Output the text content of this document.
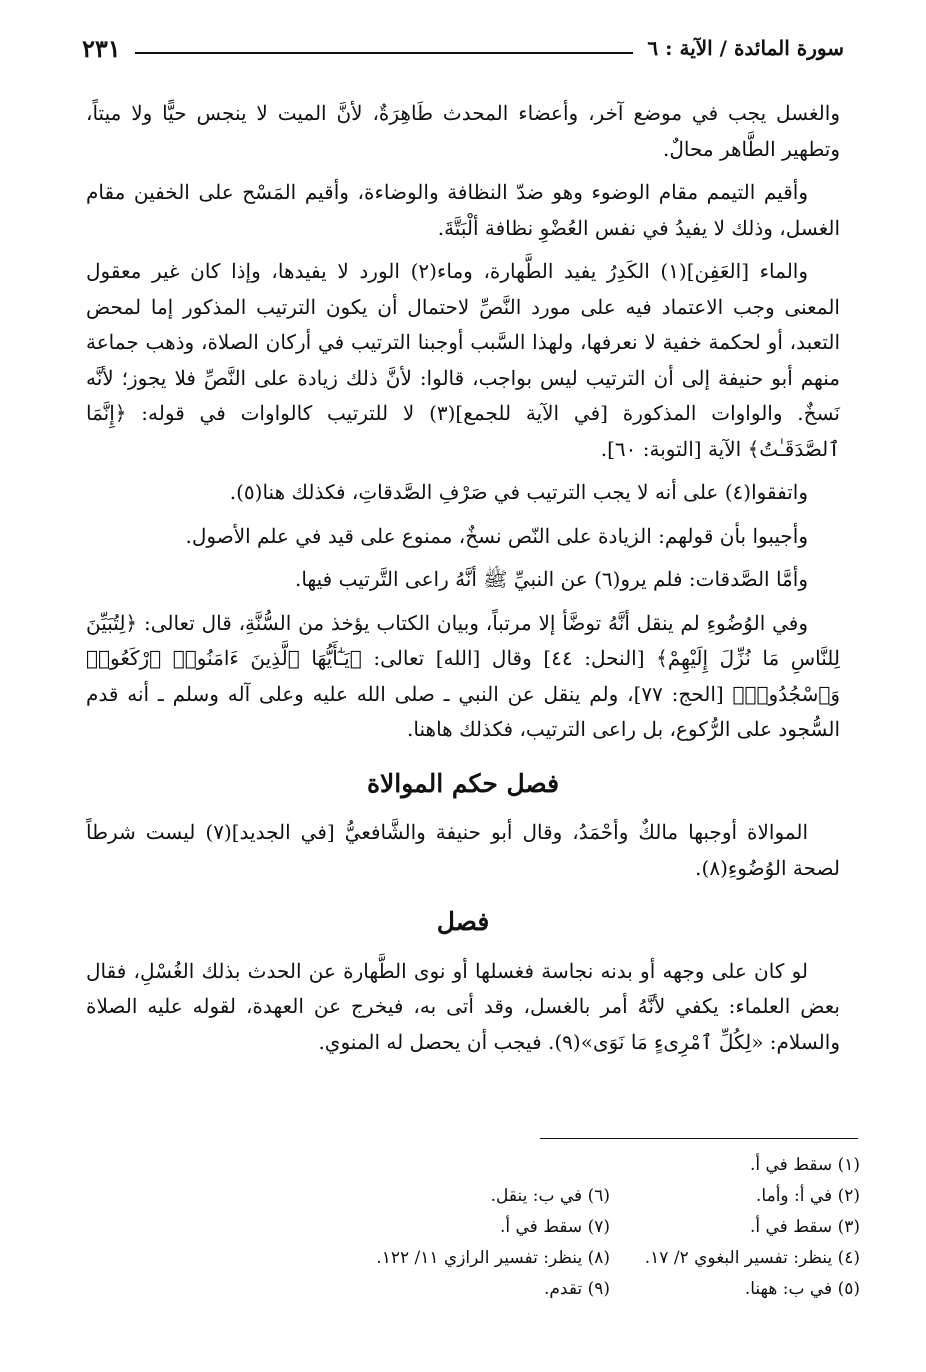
سورة المائدة / الآية : ٦
٢٣١

والغسل يجب في موضع آخر، وأعضاء المحدث طَاهِرَةٌ، لأنَّ الميت لا ينجس حيًّا ولا ميتاً، وتطهير الطَّاهر محالٌ.

وأقيم التيمم مقام الوضوء وهو ضدّ النظافة والوضاءة، وأقيم المَسْح على الخفين مقام الغسل، وذلك لا يفيدُ في نفس العُضْوِ نظافة ألْبَتَّةَ.

والماء [العَفِن](١) الكَدِرُ يفيد الطَّهارة، وماء(٢) الورد لا يفيدها، وإذا كان غير معقول المعنى وجب الاعتماد فيه على مورد النَّصِّ لاحتمال أن يكون الترتيب المذكور إما لمحض التعبد، أو لحكمة خفية لا نعرفها، ولهذا السَّبب أوجبنا الترتيب في أركان الصلاة، وذهب جماعة منهم أبو حنيفة إلى أن الترتيب ليس بواجب، قالوا: لأنَّ ذلك زيادة على النَّصِّ فلا يجوز؛ لأنَّه نَسخٌ. والواوات المذكورة [في الآية للجمع](٣) لا للترتيب كالواوات في قوله: ﴿إِنَّمَا ٱلصَّدَقَـٰتُ﴾ الآية [التوبة: ٦٠].

واتفقوا(٤) على أنه لا يجب الترتيب في صَرْفِ الصَّدقاتِ، فكذلك هنا(٥).

وأجيبوا بأن قولهم: الزيادة على النّص نسخٌ، ممنوع على قيد في علم الأصول.

وأمَّا الصَّدقات: فلم يرو(٦) عن النبيِّ ﷺ أنَّهُ راعى التَّرتيب فيها.

وفي الوُضُوءِ لم ينقل أنَّهُ توضَّأ إلا مرتباً، وبيان الكتاب يؤخذ من السُّنَّةِ، قال تعالى: ﴿لِتُبَيِّنَ لِلنَّاسِ مَا نُزِّلَ إِلَيْهِمْ﴾ [النحل: ٤٤] وقال [الله] تعالى: ﴿يَـٰٓأَيُّهَا ٱلَّذِينَ ءَامَنُوا۟ ٱرْكَعُوا۟ وَٱسْجُدُوا۟﴾ [الحج: ٧٧]، ولم ينقل عن النبي ـ صلى الله عليه وعلى آله وسلم ـ أنه قدم السُّجود على الرُّكوع، بل راعى الترتيب، فكذلك هاهنا.

فصل حكم الموالاة

الموالاة أوجبها مالكٌ وأحْمَدُ، وقال أبو حنيفة والشَّافعيُّ [في الجديد](٧) ليست شرطاً لصحة الوُضُوءِ(٨).

فصل

لو كان على وجهه أو بدنه نجاسة فغسلها أو نوى الطَّهارة عن الحدث بذلك الغُسْلِ، فقال بعض العلماء: يكفي لأنَّهُ أمر بالغسل، وقد أتى به، فيخرج عن العهدة، لقوله عليه الصلاة والسلام: «لِكُلِّ ٱمْرِىءٍ مَا نَوَى»(٩). فيجب أن يحصل له المنوي.

(١) سقط في أ.
(٢) في أ: وأما.
(٦) في ب: ينقل.
(٣) سقط في أ.
(٧) سقط في أ.
(٤) ينظر: تفسير البغوي ٢/ ١٧.
(٨) ينظر: تفسير الرازي ١١/ ١٢٢.
(٥) في ب: ههنا.
(٩) تقدم.
